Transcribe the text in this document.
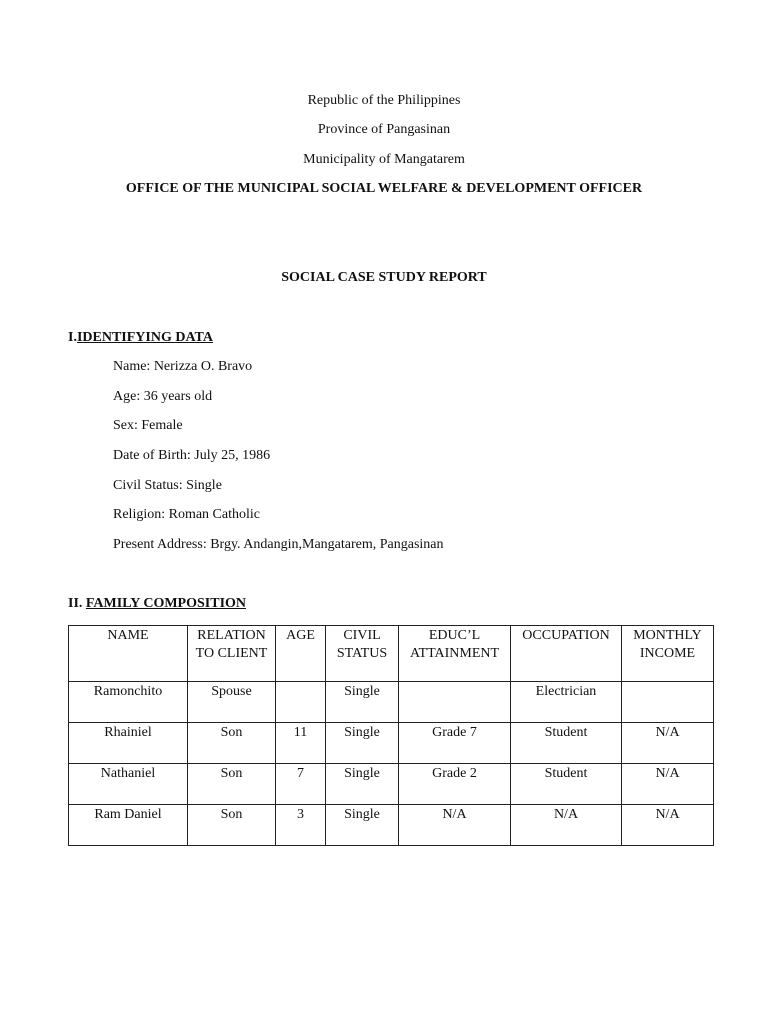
Republic of the Philippines
Province of Pangasinan
Municipality of Mangatarem
OFFICE OF THE MUNICIPAL SOCIAL WELFARE & DEVELOPMENT OFFICER
SOCIAL CASE STUDY REPORT
I.IDENTIFYING DATA
Name: Nerizza O. Bravo
Age: 36 years old
Sex: Female
Date of Birth: July 25, 1986
Civil Status: Single
Religion: Roman Catholic
Present Address: Brgy. Andangin,Mangatarem, Pangasinan
II. FAMILY COMPOSITION
NAME	RELATION TO CLIENT	AGE	CIVIL STATUS	EDUC’L ATTAINMENT	OCCUPATION	MONTHLY INCOME
Ramonchito	Spouse		Single		Electrician	
Rhainiel	Son	11	Single	Grade 7	Student	N/A
Nathaniel	Son	7	Single	Grade 2	Student	N/A
Ram Daniel	Son	3	Single	N/A	N/A	N/A
